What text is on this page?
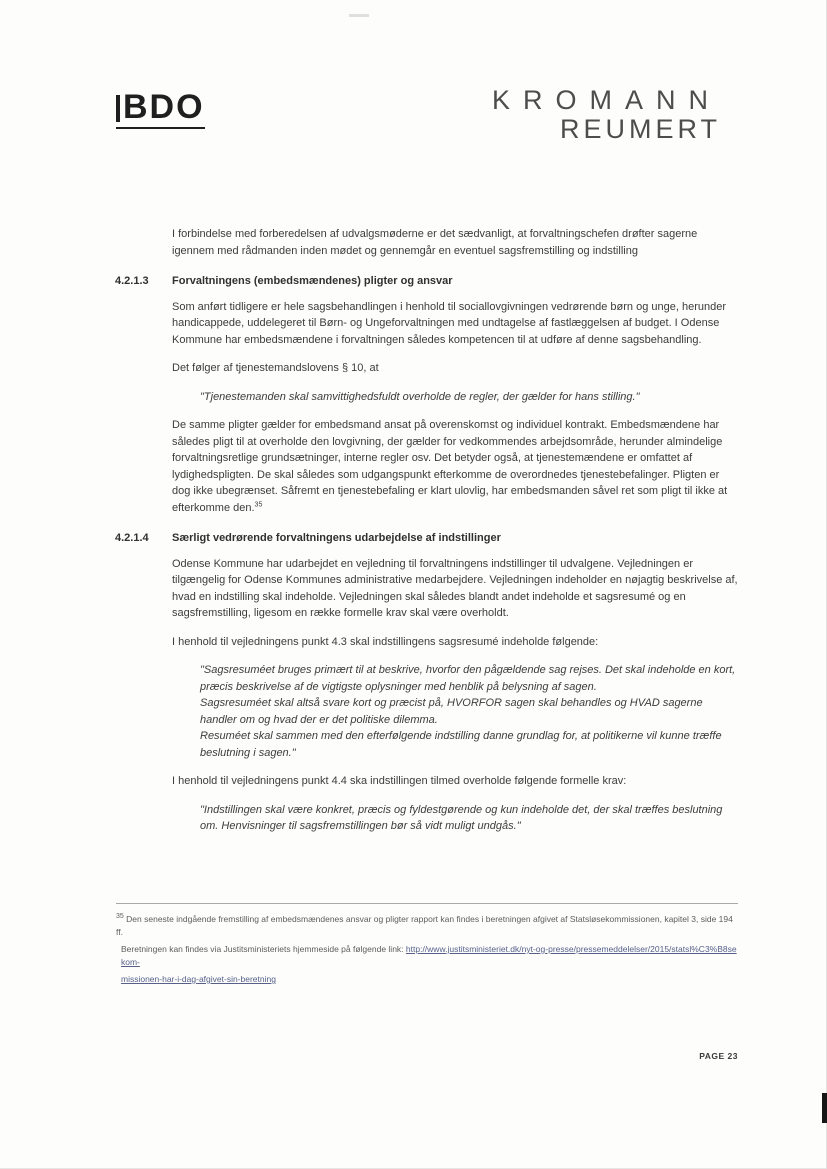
BDO	KROMANN
REUMERT

I forbindelse med forberedelsen af udvalgsmøderne er det sædvanligt, at forvaltningschefen drøfter sagerne igennem med rådmanden inden mødet og gennemgår en eventuel sagsfremstilling og indstilling

4.2.1.3 Forvaltningens (embedsmændenes) pligter og ansvar

Som anført tidligere er hele sagsbehandlingen i henhold til sociallovgivningen vedrørende børn og unge, herunder handicappede, uddelegeret til Børn- og Ungeforvaltningen med undtagelse af fastlæggelsen af budget. I Odense Kommune har embedsmændene i forvaltningen således kompetencen til at udføre af denne sagsbehandling.

Det følger af tjenestemandslovens § 10, at

"Tjenestemanden skal samvittighedsfuldt overholde de regler, der gælder for hans stilling."

De samme pligter gælder for embedsmand ansat på overenskomst og individuel kontrakt. Embedsmændene har således pligt til at overholde den lovgivning, der gælder for vedkommendes arbejdsområde, herunder almindelige forvaltningsretlige grundsætninger, interne regler osv. Det betyder også, at tjenestemændene er omfattet af lydighedspligten. De skal således som udgangspunkt efterkomme de overordnedes tjenestebefalinger. Pligten er dog ikke ubegrænset. Såfremt en tjenestebefaling er klart ulovlig, har embedsmanden såvel ret som pligt til ikke at efterkomme den.$^{35}$

4.2.1.4 Særligt vedrørende forvaltningens udarbejdelse af indstillinger

Odense Kommune har udarbejdet en vejledning til forvaltningens indstillinger til udvalgene. Vejledningen er tilgængelig for Odense Kommunes administrative medarbejdere. Vejledningen indeholder en nøjagtig beskrivelse af, hvad en indstilling skal indeholde. Vejledningen skal således blandt andet indeholde et sagsresumé og en sagsfremstilling, ligesom en række formelle krav skal være overholdt.

I henhold til vejledningens punkt 4.3 skal indstillingens sagsresumé indeholde følgende:

"Sagsresuméet bruges primært til at beskrive, hvorfor den pågældende sag rejses. Det skal indeholde en kort, præcis beskrivelse af de vigtigste oplysninger med henblik på belysning af sagen.

Sagsresuméet skal altså svare kort og præcist på, HVORFOR sagen skal behandles og HVAD sagerne handler om og hvad der er det politiske dilemma.

Resuméet skal sammen med den efterfølgende indstilling danne grundlag for, at politikerne vil kunne træffe beslutning i sagen."

I henhold til vejledningens punkt 4.4 ska indstillingen tilmed overholde følgende formelle krav:

"Indstillingen skal være konkret, præcis og fyldestgørende og kun indeholde det, der skal træffes beslutning om. Henvisninger til sagsfremstillingen bør så vidt muligt undgås."

$^{35}$ Den seneste indgående fremstilling af embedsmændenes ansvar og pligter rapport kan findes i beretningen afgivet af Statsløsekommissionen, kapitel 3, side 194 ff.

Beretningen kan findes via Justitsministeriets hjemmeside på følgende link: http://www.justitsministeriet.dk/nyt-og-presse/pressemeddelelser/2015/statsl%C3%B8sekom-

missionen-har-i-dag-afgivet-sin-beretning

PAGE 23
